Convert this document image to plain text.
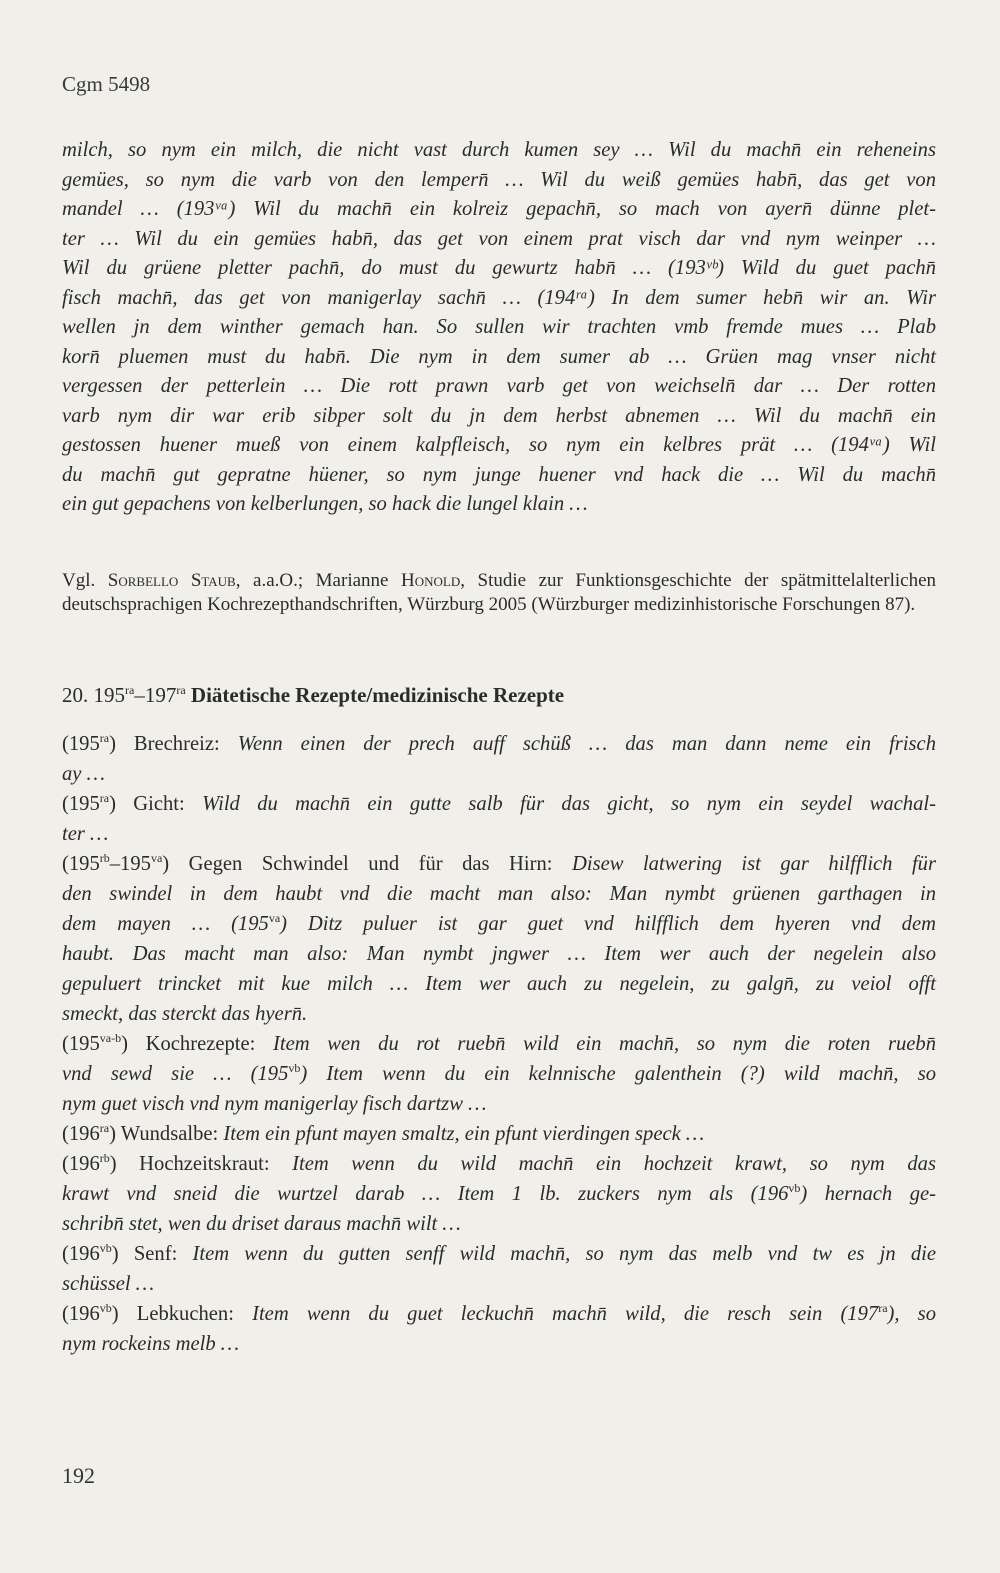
Cgm 5498
milch, so nym ein milch, die nicht vast durch kumen sey … Wil du machn̄ ein reheneins
gemües, so nym die varb von den lempern̄ … Wil du weiß gemües habn̄, das get von
mandel … (193ᵛᵃ) Wil du machn̄ ein kolreiz gepachn̄, so mach von ayern̄ dünne plet-
ter … Wil du ein gemües habn̄, das get von einem prat visch dar vnd nym weinper …
Wil du grüene pletter pachn̄, do must du gewurtz habn̄ … (193ᵛᵇ) Wild du guet pachn̄
fisch machn̄, das get von manigerlay sachn̄ … (194ʳᵃ) In dem sumer hebn̄ wir an. Wir
wellen jn dem winther gemach han. So sullen wir trachten vmb fremde mues … Plab
korn̄ pluemen must du habn̄. Die nym in dem sumer ab … Grüen mag vnser nicht
vergessen der petterlein … Die rott prawn varb get von weichseln̄ dar … Der rotten
varb nym dir war erib sibper solt du jn dem herbst abnemen … Wil du machn̄ ein
gestossen huener mueß von einem kalpfleisch, so nym ein kelbres prät … (194ᵛᵃ) Wil
du machn̄ gut gepratne hüener, so nym junge huener vnd hack die … Wil du machn̄
ein gut gepachens von kelberlungen, so hack die lungel klain …
Vgl. Sorbello Staub, a.a.O.; Marianne Honold, Studie zur Funktionsgeschichte der spätmittelalterlichen deutschsprachigen Kochrezepthandschriften, Würzburg 2005 (Würzburger medizinhistorische Forschungen 87).
20. $195^{ra}-197^{ra}$ Diätetische Rezepte/medizinische Rezepte
$(195^{ra})$ Brechreiz: Wenn einen der prech auff schüß … das man dann neme ein frisch
ay …
$(195^{ra})$ Gicht: Wild du machn̄ ein gutte salb für das gicht, so nym ein seydel wachal-
ter …
$(195^{rb}-195^{va})$ Gegen Schwindel und für das Hirn: Disew latwering ist gar hilfflich für
den swindel in dem haubt vnd die macht man also: Man nymbt grüenen garthagen in
dem mayen … $(195^{va})$ Ditz puluer ist gar guet vnd hilfflich dem hyeren vnd dem
haubt. Das macht man also: Man nymbt jngwer … Item wer auch der negelein also
gepuluert trincket mit kue milch … Item wer auch zu negelein, zu galgn̄, zu veiol offt
smeckt, das sterckt das hyern̄.
$(195^{va-b})$ Kochrezepte: Item wen du rot ruebn̄ wild ein machn̄, so nym die roten ruebn̄
vnd sewd sie … $(195^{vb})$ Item wenn du ein kelnnische galenthein (?) wild machn̄, so
nym guet visch vnd nym manigerlay fisch dartzw …
$(196^{ra})$ Wundsalbe: Item ein pfunt mayen smaltz, ein pfunt vierdingen speck …
$(196^{rb})$ Hochzeitskraut: Item wenn du wild machn̄ ein hochzeit krawt, so nym das
krawt vnd sneid die wurtzel darab … Item 1 lb. zuckers nym als $(196^{vb})$ hernach ge-
schribn̄ stet, wen du driset daraus machn̄ wilt …
$(196^{vb})$ Senf: Item wenn du gutten senff wild machn̄, so nym das melb vnd tw es jn die
schüssel …
$(196^{vb})$ Lebkuchen: Item wenn du guet leckuchn̄ machn̄ wild, die resch sein $(197^{ra})$, so
nym rockeins melb …
192
